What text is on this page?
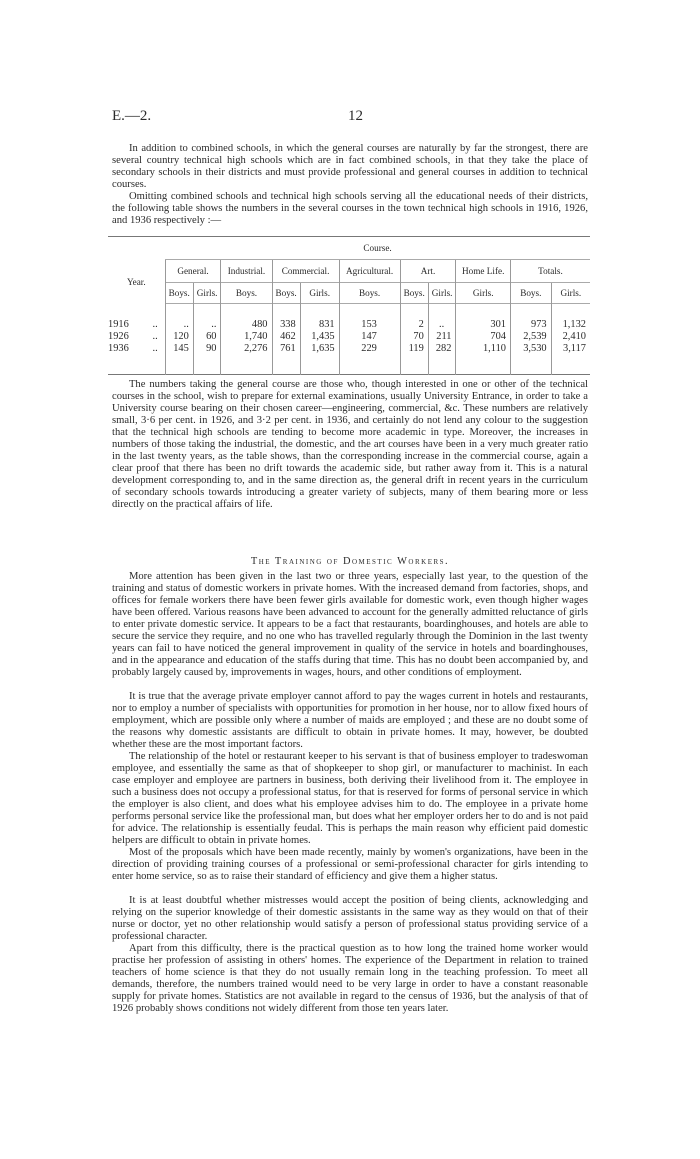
E.—2.	12

In addition to combined schools, in which the general courses are naturally by far the strongest, there are several country technical high schools which are in fact combined schools, in that they take the place of secondary schools in their districts and must provide professional and general courses in addition to technical courses.

Omitting combined schools and technical high schools serving all the educational needs of their districts, the following table shows the numbers in the several courses in the town technical high schools in 1916, 1926, and 1936 respectively :—

		Course.										
Year.		General.		Industrial.	Commercial.		Agricultural.	Art.		Home Life.	Totals.	
		Boys.	Girls.	Boys.	Boys.	Girls.	Boys.	Boys.	Girls.	Girls.	Boys.	Girls.

1916	..	..	..	480	338	831	153	2	..	301	973	1,132
1926	..	120	60	1,740	462	1,435	147	70	211	704	2,539	2,410
1936	..	145	90	2,276	761	1,635	229	119	282	1,110	3,530	3,117

The numbers taking the general course are those who, though interested in one or other of the technical courses in the school, wish to prepare for external examinations, usually University Entrance, in order to take a University course bearing on their chosen career—engineering, commercial, &c. These numbers are relatively small, 3·6 per cent. in 1926, and 3·2 per cent. in 1936, and certainly do not lend any colour to the suggestion that the technical high schools are tending to become more academic in type. Moreover, the increases in numbers of those taking the industrial, the domestic, and the art courses have been in a very much greater ratio in the last twenty years, as the table shows, than the corresponding increase in the commercial course, again a clear proof that there has been no drift towards the academic side, but rather away from it. This is a natural development corresponding to, and in the same direction as, the general drift in recent years in the curriculum of secondary schools towards introducing a greater variety of subjects, many of them bearing more or less directly on the practical affairs of life.

The Training of Domestic Workers.

More attention has been given in the last two or three years, especially last year, to the question of the training and status of domestic workers in private homes. With the increased demand from factories, shops, and offices for female workers there have been fewer girls available for domestic work, even though higher wages have been offered. Various reasons have been advanced to account for the generally admitted reluctance of girls to enter private domestic service. It appears to be a fact that restaurants, boardinghouses, and hotels are able to secure the service they require, and no one who has travelled regularly through the Dominion in the last twenty years can fail to have noticed the general improvement in quality of the service in hotels and boardinghouses, and in the appearance and education of the staffs during that time. This has no doubt been accompanied by, and probably largely caused by, improvements in wages, hours, and other conditions of employment.

It is true that the average private employer cannot afford to pay the wages current in hotels and restaurants, nor to employ a number of specialists with opportunities for promotion in her house, nor to allow fixed hours of employment, which are possible only where a number of maids are employed ; and these are no doubt some of the reasons why domestic assistants are difficult to obtain in private homes. It may, however, be doubted whether these are the most important factors.

The relationship of the hotel or restaurant keeper to his servant is that of business employer to tradeswoman employee, and essentially the same as that of shopkeeper to shop girl, or manufacturer to machinist. In each case employer and employee are partners in business, both deriving their livelihood from it. The employee in such a business does not occupy a professional status, for that is reserved for forms of personal service in which the employer is also client, and does what his employee advises him to do. The employee in a private home performs personal service like the professional man, but does what her employer orders her to do and is not paid for advice. The relationship is essentially feudal. This is perhaps the main reason why efficient paid domestic helpers are difficult to obtain in private homes.

Most of the proposals which have been made recently, mainly by women's organizations, have been in the direction of providing training courses of a professional or semi-professional character for girls intending to enter home service, so as to raise their standard of efficiency and give them a higher status.

It is at least doubtful whether mistresses would accept the position of being clients, acknowledging and relying on the superior knowledge of their domestic assistants in the same way as they would on that of their nurse or doctor, yet no other relationship would satisfy a person of professional status providing service of a professional character.

Apart from this difficulty, there is the practical question as to how long the trained home worker would practise her profession of assisting in others' homes. The experience of the Department in relation to trained teachers of home science is that they do not usually remain long in the teaching profession. To meet all demands, therefore, the numbers trained would need to be very large in order to have a constant reasonable supply for private homes. Statistics are not available in regard to the census of 1936, but the analysis of that of 1926 probably shows conditions not widely different from those ten years later.
